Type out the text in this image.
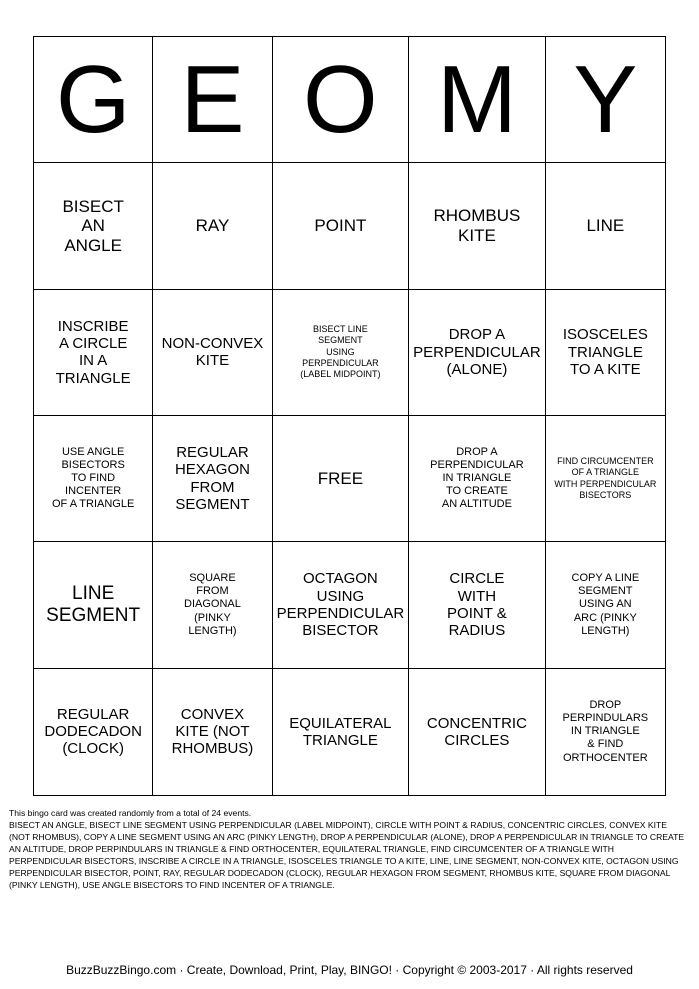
G E O M Y
BISECT
AN
ANGLE
RAY	POINT
RHOMBUS
KITE
LINE
INSCRIBE
A CIRCLE
IN A
TRIANGLE
NON-CONVEX
KITE
BISECT LINE
SEGMENT
USING
PERPENDICULAR
(LABEL MIDPOINT)
DROP A
PERPENDICULAR
(ALONE)
ISOSCELES
TRIANGLE
TO A KITE
USE ANGLE
BISECTORS
TO FIND
INCENTER
OF A TRIANGLE
REGULAR
HEXAGON
FROM
SEGMENT
FREE
DROP A
PERPENDICULAR
IN TRIANGLE
TO CREATE
AN ALTITUDE
FIND CIRCUMCENTER
OF A TRIANGLE
WITH PERPENDICULAR
BISECTORS
LINE
SEGMENT
SQUARE
FROM
DIAGONAL
(PINKY
LENGTH)
OCTAGON
USING
PERPENDICULAR
BISECTOR
CIRCLE
WITH
POINT &
RADIUS
COPY A LINE
SEGMENT
USING AN
ARC (PINKY
LENGTH)
REGULAR
DODECADON
(CLOCK)
CONVEX
KITE (NOT
RHOMBUS)
EQUILATERAL
TRIANGLE
CONCENTRIC
CIRCLES
DROP
PERPINDULARS
IN TRIANGLE
& FIND
ORTHOCENTER
This bingo card was created randomly from a total of 24 events.
BISECT AN ANGLE, BISECT LINE SEGMENT USING PERPENDICULAR (LABEL MIDPOINT), CIRCLE WITH POINT & RADIUS, CONCENTRIC CIRCLES, CONVEX KITE (NOT RHOMBUS), COPY A LINE SEGMENT USING AN ARC (PINKY LENGTH), DROP A PERPENDICULAR (ALONE), DROP A PERPENDICULAR IN TRIANGLE TO CREATE AN ALTITUDE, DROP PERPINDULARS IN TRIANGLE & FIND ORTHOCENTER, EQUILATERAL TRIANGLE, FIND CIRCUMCENTER OF A TRIANGLE WITH PERPENDICULAR BISECTORS, INSCRIBE A CIRCLE IN A TRIANGLE, ISOSCELES TRIANGLE TO A KITE, LINE, LINE SEGMENT, NON-CONVEX KITE, OCTAGON USING PERPENDICULAR BISECTOR, POINT, RAY, REGULAR DODECADON (CLOCK), REGULAR HEXAGON FROM SEGMENT, RHOMBUS KITE, SQUARE FROM DIAGONAL (PINKY LENGTH), USE ANGLE BISECTORS TO FIND INCENTER OF A TRIANGLE.
BuzzBuzzBingo.com · Create, Download, Print, Play, BINGO! · Copyright © 2003-2017 · All rights reserved
